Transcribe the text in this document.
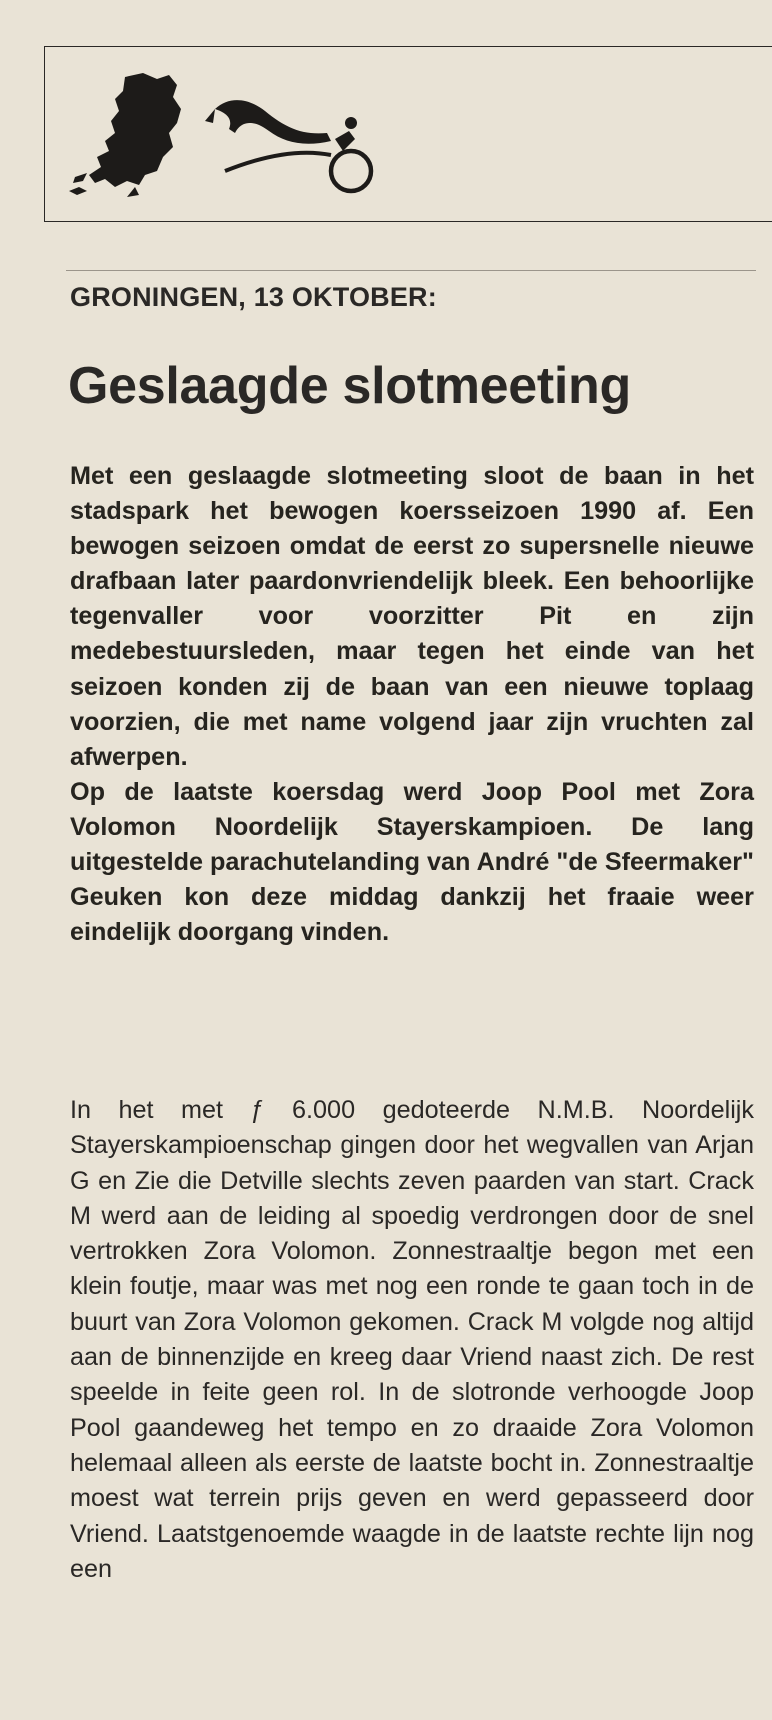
GRONINGEN, 13 OKTOBER:
Geslaagde slotmeeting

Met een geslaagde slotmeeting sloot de baan in het stadspark het bewogen koersseizoen 1990 af. Een bewogen seizoen omdat de eerst zo supersnelle nieuwe drafbaan later paardonvriendelijk bleek. Een behoorlijke tegenvaller voor voorzitter Pit en zijn medebestuursleden, maar tegen het einde van het seizoen konden zij de baan van een nieuwe toplaag voorzien, die met name volgend jaar zijn vruchten zal afwerpen.

Op de laatste koersdag werd Joop Pool met Zora Volomon Noordelijk Stayerskampioen. De lang uitgestelde parachutelanding van André "de Sfeermaker" Geuken kon deze middag dankzij het fraaie weer eindelijk doorgang vinden.

In het met ƒ 6.000 gedoteerde N.M.B. Noordelijk Stayerskampioenschap gingen door het wegvallen van Arjan G en Zie die Detville slechts zeven paarden van start. Crack M werd aan de leiding al spoedig verdrongen door de snel vertrokken Zora Volomon. Zonnestraaltje begon met een klein foutje, maar was met nog een ronde te gaan toch in de buurt van Zora Volomon gekomen. Crack M volgde nog altijd aan de binnenzijde en kreeg daar Vriend naast zich. De rest speelde in feite geen rol. In de slotronde verhoogde Joop Pool gaandeweg het tempo en zo draaide Zora Volomon helemaal alleen als eerste de laatste bocht in. Zonnestraaltje moest wat terrein prijs geven en werd gepasseerd door Vriend. Laatstgenoemde waagde in de laatste rechte lijn nog een
